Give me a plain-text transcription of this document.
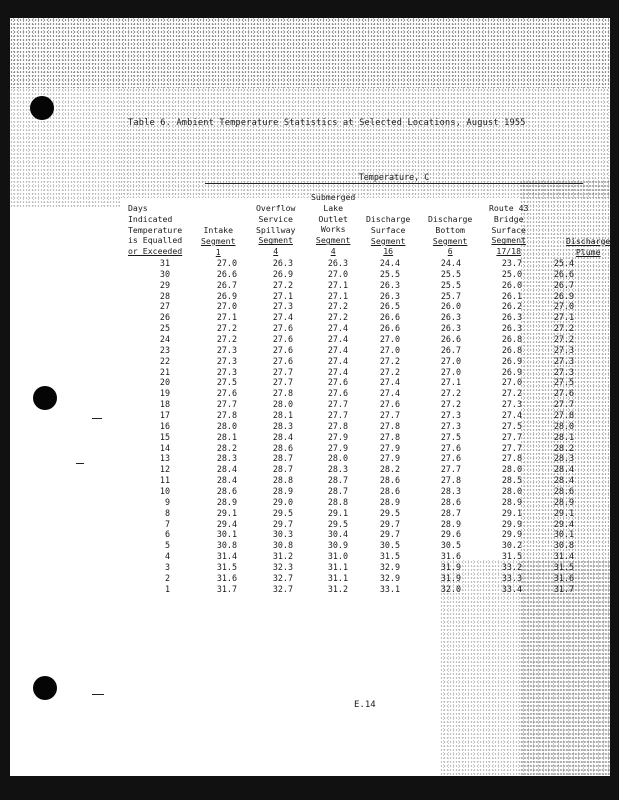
Table 6. Ambient Temperature Statistics at Selected Locations, August 1955
Temperature, C
Days
Indicated
Temperature
is Equalled
or Exceeded
Intake
Segment
1
Overflow
Service
Spillway
Segment
4
Submerged
Lake
Outlet
Works
Segment
4
Discharge
Surface
Segment
16
Discharge
Bottom
Segment
6
Route 43
Bridge
Surface
Segment
17/18
Discharge
Plume
31
30
29
28
27
26
25
24
23
22
21
20
19
18
17
16
15
14
13
12
11
10
9
8
7
6
5
4
3
2
1
27.0
26.6
26.7
26.9
27.0
27.1
27.2
27.2
27.3
27.3
27.3
27.5
27.6
27.7
27.8
28.0
28.1
28.2
28.3
28.4
28.4
28.6
28.9
29.1
29.4
30.1
30.8
31.4
31.5
31.6
31.7
26.3
26.9
27.2
27.1
27.3
27.4
27.6
27.6
27.6
27.6
27.7
27.7
27.8
28.0
28.1
28.3
28.4
28.6
28.7
28.7
28.8
28.9
29.0
29.5
29.7
30.3
30.8
31.2
32.3
32.7
32.7
26.3
27.0
27.1
27.1
27.2
27.2
27.4
27.4
27.4
27.4
27.4
27.6
27.6
27.7
27.7
27.8
27.9
27.9
28.0
28.3
28.7
28.7
28.8
29.1
29.5
30.4
30.9
31.0
31.1
31.1
31.2
24.4
25.5
26.3
26.3
26.5
26.6
26.6
27.0
27.0
27.2
27.2
27.4
27.4
27.6
27.7
27.8
27.8
27.9
27.9
28.2
28.6
28.6
28.9
29.5
29.7
29.7
30.5
31.5
32.9
32.9
33.1
24.4
25.5
25.5
25.7
26.0
26.3
26.3
26.6
26.7
27.0
27.0
27.1
27.2
27.2
27.3
27.3
27.5
27.6
27.6
27.7
27.8
28.3
28.6
28.7
28.9
29.6
30.5
31.6
31.9
31.9
32.0
23.7
25.0
26.0
26.1
26.2
26.3
26.3
26.8
26.8
26.9
26.9
27.0
27.2
27.3
27.4
27.5
27.7
27.7
27.8
28.0
28.5
28.0
28.9
29.1
29.9
29.9
30.2
31.5
33.2
33.3
33.4
25.4
26.6
26.7
26.9
27.0
27.1
27.2
27.2
27.3
27.3
27.3
27.5
27.6
27.7
27.8
28.0
28.1
28.2
28.3
28.4
28.4
28.6
28.9
29.1
29.4
30.1
30.8
31.4
31.5
31.6
31.7
E.14
